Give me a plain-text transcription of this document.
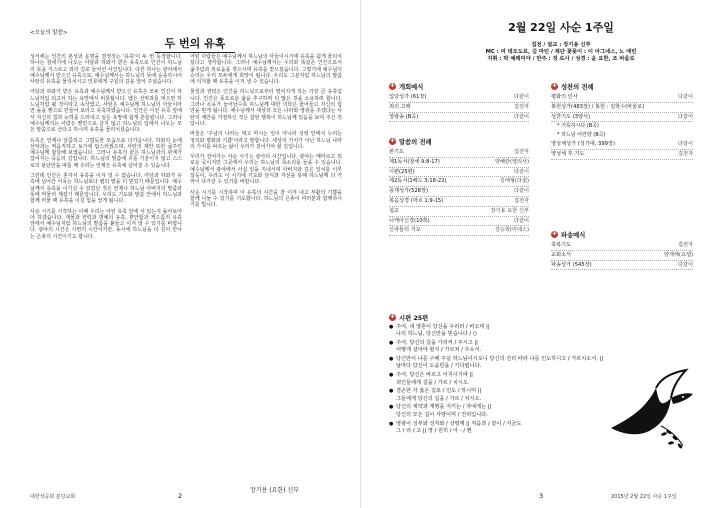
<오늘의 말씀>
두 번의 유혹

성서에는 인간의 본성과 운명을 결정짓는 '유혹'이 두 번 등장합니다. 하나는 창세기에 나오는 아담과 하와가 받은 유혹으로 인간이 하느님의 뜻을 거스르고 죄의 길로 들어선 사건입니다. 다른 하나는 광야에서 예수님께서 받으신 유혹으로, 예수님께서는 하느님의 뜻에 순종하시어 사탄의 유혹을 물리치시고 인류에게 구원의 길을 열어 주셨습니다.

아담과 하와가 받은 유혹과 예수님께서 받으신 유혹은 모두 인간이 하느님처럼 되고자 하는 욕망에서 비롯됩니다. 뱀은 선악과를 먹으면 하느님처럼 될 것이라고 속삭였고, 사탄은 예수님께 하느님의 아들이라면 돌을 빵으로 만들어 보라고 유혹하였습니다. 인간은 이런 유혹 앞에서 자신의 힘과 능력을 드러내고 싶은 욕망에 쉽게 흔들립니다. 그러나 예수님께서는 사람은 빵만으로 살지 않고 하느님의 입에서 나오는 모든 말씀으로 산다고 하시며 유혹을 물리치셨습니다.

유혹은 언제나 달콤하고 그럴듯한 모습으로 다가옵니다. 하와의 눈에 선악과는 먹음직하고 보기에 탐스러웠으며, 사탄의 제안 또한 굶주린 예수님께 합당해 보였습니다. 그러나 유혹의 끝은 하느님과의 관계가 끊어지는 죽음의 길입니다. 하느님의 말씀에 귀를 기울이지 않고 스스로의 판단만을 따를 때 우리는 언제든 유혹에 넘어질 수 있습니다.

그런데 인간은 혼자서 유혹을 이겨 낼 수 없습니다. 아담과 하와가 유혹에 넘어간 이유는 하느님보다 뱀의 말을 더 믿었기 때문입니다. 예수님께서 유혹을 이기실 수 있었던 것은 언제나 하느님 아버지의 말씀과 뜻에 머물러 계셨기 때문입니다. 우리도 기도와 말씀 안에서 하느님과 함께 머물 때 유혹을 이길 힘을 얻게 됩니다.

사순 시기를 시작하는 이때 우리는 어떤 유혹 앞에 서 있는지 돌아보아야 하겠습니다. 재물과 권력과 명예의 유혹, 편안함과 게으름의 유혹 앞에서 예수님처럼 하느님의 말씀을 붙들고 이겨 낼 수 있기를 바랍니다. 광야의 시간은 시련의 시간이지만, 동시에 하느님을 더 깊이 만나는 은총의 시간이기도 합니다.

어떤 사람들은 예수님께서 하느님의 아들이시기에 유혹을 쉽게 물리치셨다고 생각합니다. 그러나 예수님께서는 우리와 똑같은 인간으로서 굶주림과 외로움을 겪으시며 유혹을 받으셨습니다. 그렇기에 예수님의 승리는 우리 모두에게 희망이 됩니다. 우리도 그분처럼 하느님의 말씀에 의지할 때 유혹을 이겨 낼 수 있습니다.

물질과 권력은 인간을 하느님으로부터 멀어지게 하는 가장 큰 유혹입니다. 인간은 풍요로운 삶을 추구하며 더 많은 것을 소유하려 합니다. 그러나 소유가 늘어날수록 하느님께 대한 의탁은 줄어들고 자신의 힘만을 믿게 됩니다. 예수님께서 세상의 모든 나라와 영광을 주겠다는 사탄의 제안을 거절하신 것은 참된 행복이 하느님께 있음을 보여 주신 것입니다.

바울은 '주님의 나라는 먹고 마시는 일이 아니라 성령 안에서 누리는 정의와 평화와 기쁨'이라고 말합니다. 세상의 가치가 아닌 하느님 나라의 가치를 따르는 삶이 우리가 걸어가야 할 길입니다.

우리가 걸어가는 사순 시기는 광야의 시간입니다. 광야는 메마르고 외로운 곳이지만 그곳에서 우리는 하느님의 목소리를 들을 수 있습니다. 예수님께서 광야에서 사십 일을 지내시며 아버지와 깊은 일치를 이루셨듯이, 우리도 이 시기에 기도와 단식과 자선을 통해 하느님께 더 가까이 다가갈 수 있기를 바랍니다.

사순 시기를 시작하며 이 유혹의 시간을 잘 이겨 내고 부활의 기쁨을 함께 나눌 수 있기를 기도합니다. 하느님의 은총이 여러분과 함께하시기를 빕니다.

장기용 (요한) 신부
대한성공회 분당교회	2
2월 22일 사순 1주일
집전 / 설교 : 장기용 신부
MC : 여 데오도로, 김 마틴 / 제단 꽃꽂이 : 이 아그네스, 노 애린
지휘 : 박 예레미야 / 반주 : 정 로사 / 성경 : 윤 요한, 조 바울로
✚ 개회예식
입당성가 (61장)	다같이
죄의 고백	집전자
영광송 (B곡)	다같이
✚ 말씀의 전례
본기도	집전자
제1독서(창세 9:8-17)	양혜란(엘리사)
시편(25편)	다같이
제2독서(1베드 3:18-22)	김태형(다윗)
층계성가(528장)	다같이
복음성경 (마르 1:9-15)	집전자
설교	장기용 요한 신부
니케아신경(10쪽)	다같이
신자들의 기도	강승희(미데스)
✚ 성찬의 전례
평화의 인사	다같이
봉헌성가(483장) / 봉헌 : 김학수(바울로)
성찬기도 (3양식)	다같이
* 거룩하시다 (B곡)
* 하느님 어린양 (B곡)
영성체성가 (성가대, 399장)	다같이
영성체 후 기도	집전자
✚ 파송예식
축복기도	집전자
교회소식	양재해(요셉)
파송성가 (545장)	다같이
✚ 시편 25편
● 주여, 내 영혼이 당신을 우러러 / 비오며 ||
나의 하느님, 당신만을 믿습니다 / ○
● 주여, 당신의 길을 가리켜 / 주시고 ||
어떻게 살아야 할지 / 가르쳐 / 주소서.
● 당신만이 나를 구해 주실 하느님이시오니 당신의 진리 따라 나를 인도하시고 / 가르치소서. ||
날마다 당신이 도움만을 / 기다립니다.
● 주여, 당신은 바르고 어지시기에 ||
죄인들에게 길을 / 가르 / 치시오.
● 겸손한 자 옳은 길로 / 인도 / 하시며 ||
그들에게 당신의 길을 / 가르 / 치시오.
● 당신의 계약과 계명을 지키는 / 자에게는 ||
당신의 모든 길이 사랑이며 / 진리입니다.
● 영광이 성부와 성자와 / 성령께 || 처음과 / 같이 / 지금도
그 / 리 / 고 || 영 / 원히 / 아 - / 멘
3	2015년 2월 22일 사순 1주일
